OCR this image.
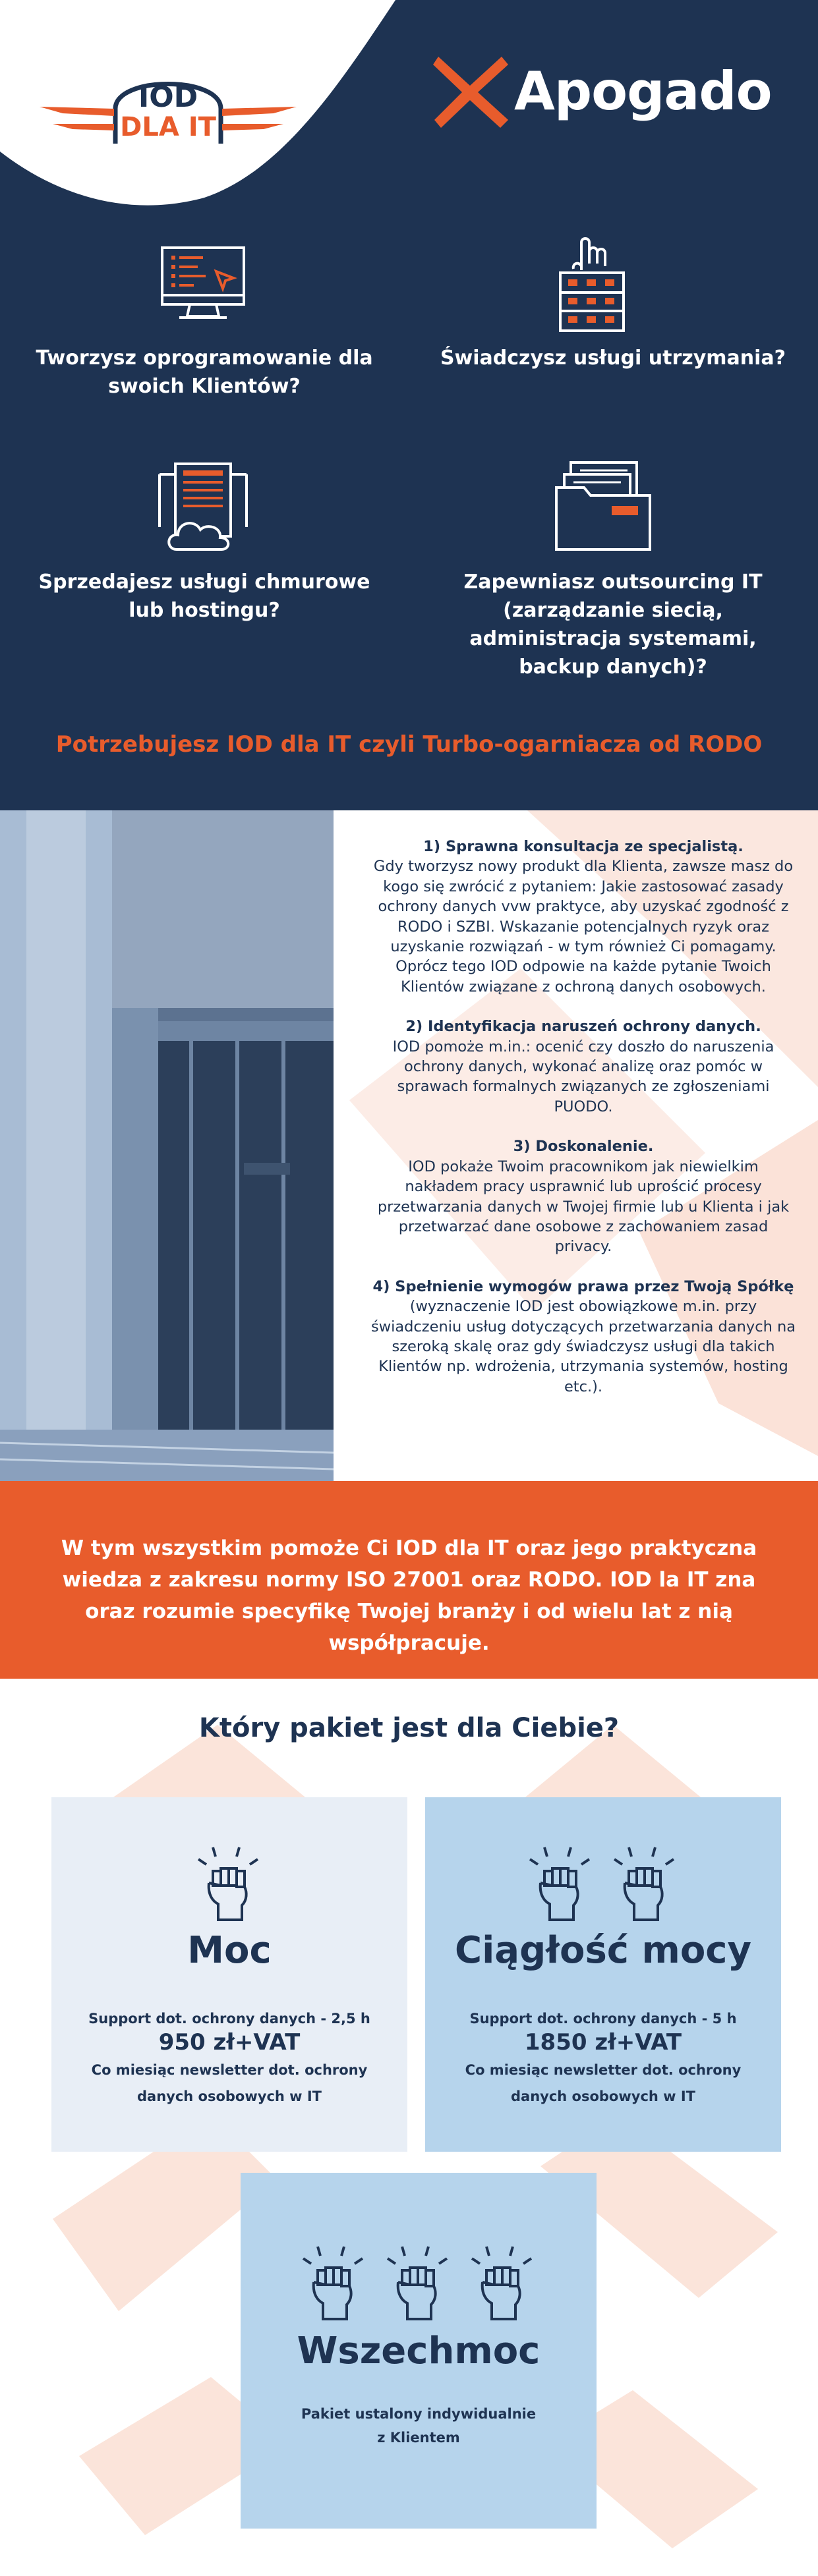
IOD
DLA IT
Apogado
Tworzysz oprogramowanie dla swoich Klientów?
Świadczysz usługi utrzymania?
Sprzedajesz usługi chmurowe lub hostingu?
Zapewniasz outsourcing IT (zarządzanie siecią, administracja systemami, backup danych)?
Potrzebujesz IOD dla IT czyli Turbo-ogarniacza od RODO
1) Sprawna konsultacja ze specjalistą.
Gdy tworzysz nowy produkt dla Klienta, zawsze masz do kogo się zwrócić z pytaniem: Jakie zastosować zasady ochrony danych vvw praktyce, aby uzyskać zgodność z RODO i SZBI. Wskazanie potencjalnych ryzyk oraz uzyskanie rozwiązań - w tym również Ci pomagamy. Oprócz tego IOD odpowie na każde pytanie Twoich Klientów związane z ochroną danych osobowych.
2) Identyfikacja naruszeń ochrony danych.
IOD pomoże m.in.: ocenić czy doszło do naruszenia ochrony danych, wykonać analizę oraz pomóc w sprawach formalnych związanych ze zgłoszeniami PUODO.
3) Doskonalenie.
IOD pokaże Twoim pracownikom jak niewielkim nakładem pracy usprawnić lub uprościć procesy przetwarzania danych w Twojej firmie lub u Klienta i jak przetwarzać dane osobowe z zachowaniem zasad privacy.
4) Spełnienie wymogów prawa przez Twoją Spółkę (wyznaczenie IOD jest obowiązkowe m.in. przy świadczeniu usług dotyczących przetwarzania danych na szeroką skalę oraz gdy świadczysz usługi dla takich Klientów np. wdrożenia, utrzymania systemów, hosting etc.).
W tym wszystkim pomoże Ci IOD dla IT oraz jego praktyczna wiedza z zakresu normy ISO 27001 oraz RODO. IOD la IT zna oraz rozumie specyfikę Twojej branży i od wielu lat z nią współpracuje.
Który pakiet jest dla Ciebie?
Moc
Support dot. ochrony danych - 2,5 h
950 zł+VAT
Co miesiąc newsletter dot. ochrony
danych osobowych w IT
Ciągłość mocy
Support dot. ochrony danych - 5 h
1850 zł+VAT
Co miesiąc newsletter dot. ochrony
danych osobowych w IT
Wszechmoc
Pakiet ustalony indywidualnie
z Klientem
